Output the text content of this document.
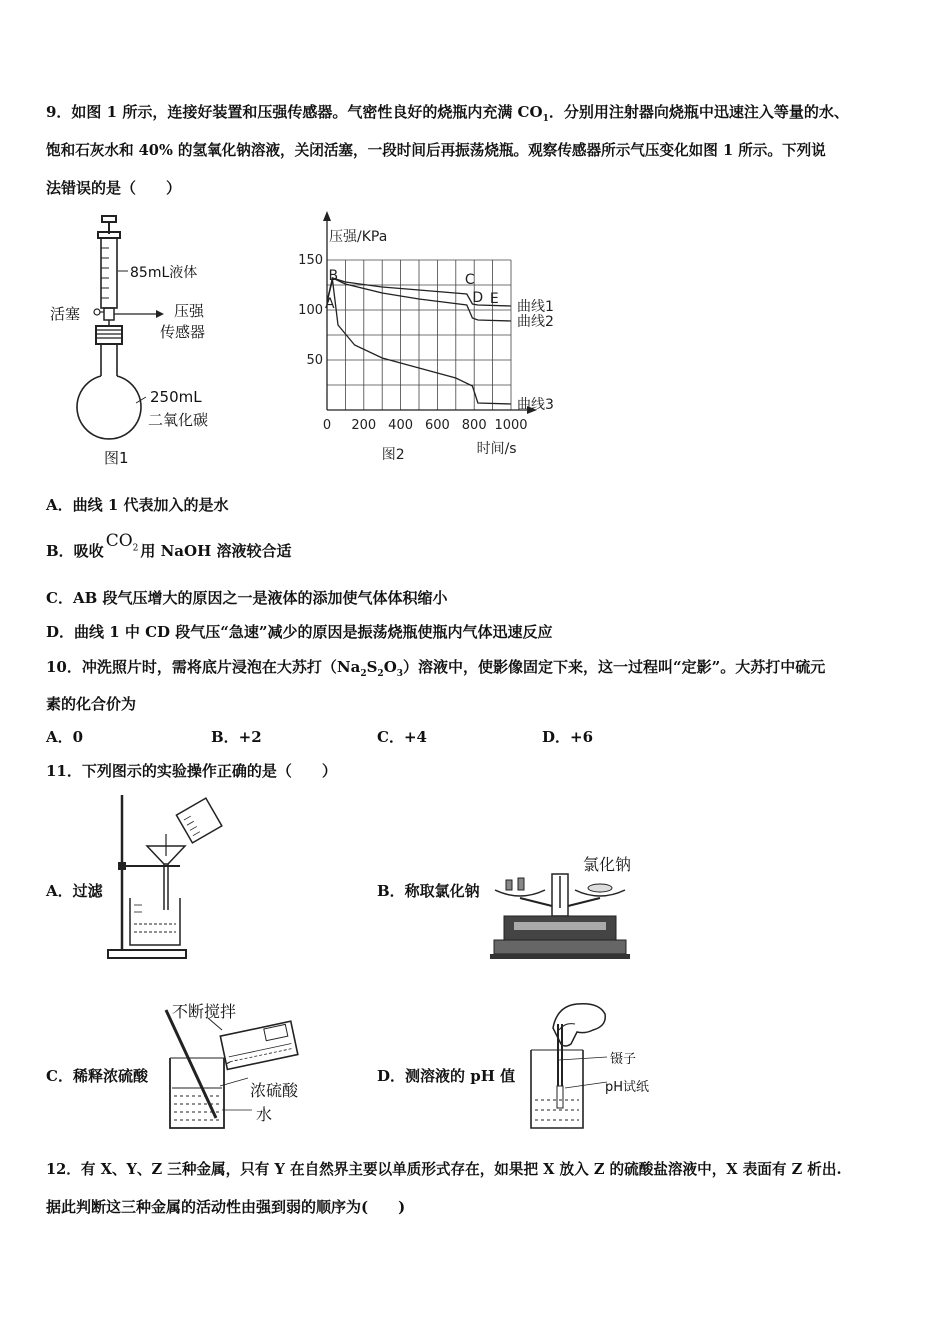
9．如图 1 所示，连接好装置和压强传感器。气密性良好的烧瓶内充满 $CO_1$．分别用注射器向烧瓶中迅速注入等量的水、
饱和石灰水和 40% 的氢氧化钠溶液，关闭活塞，一段时间后再振荡烧瓶。观察传感器所示气压变化如图 1 所示。下列说
法错误的是（　　）
85mL液体
活塞	压强
传感器
250mL
二氧化碳
图1
0 200 400 600 800 1000
50
100
150
压强/KPa
时间/s
图2
曲线1
曲线2
曲线3
A
B	C
D E
A．曲线 1 代表加入的是水
B．吸收 $CO_2$ 用 NaOH 溶液较合适
C．AB 段气压增大的原因之一是液体的添加使气体体积缩小
D．曲线 1 中 CD 段气压“急速”减少的原因是振荡烧瓶使瓶内气体迅速反应
10．冲洗照片时，需将底片浸泡在大苏打$(Na_2S_2O_3)$溶液中，使影像固定下来，这一过程叫“定影”。大苏打中硫元
素的化合价为
A．0	B．+2	C．+4	D．+6
11．下列图示的实验操作正确的是（　　）
A．过滤	B．称取氯化钠
氯化钠
C．稀释浓硫酸
不断搅拌
浓硫酸
水
D．测溶液的 pH 值
镊子
pH试纸
12．有 X、Y、Z 三种金属，只有 Y 在自然界主要以单质形式存在，如果把 X 放入 Z 的硫酸盐溶液中，X 表面有 Z 析出.
据此判断这三种金属的活动性由强到弱的顺序为(　　)
